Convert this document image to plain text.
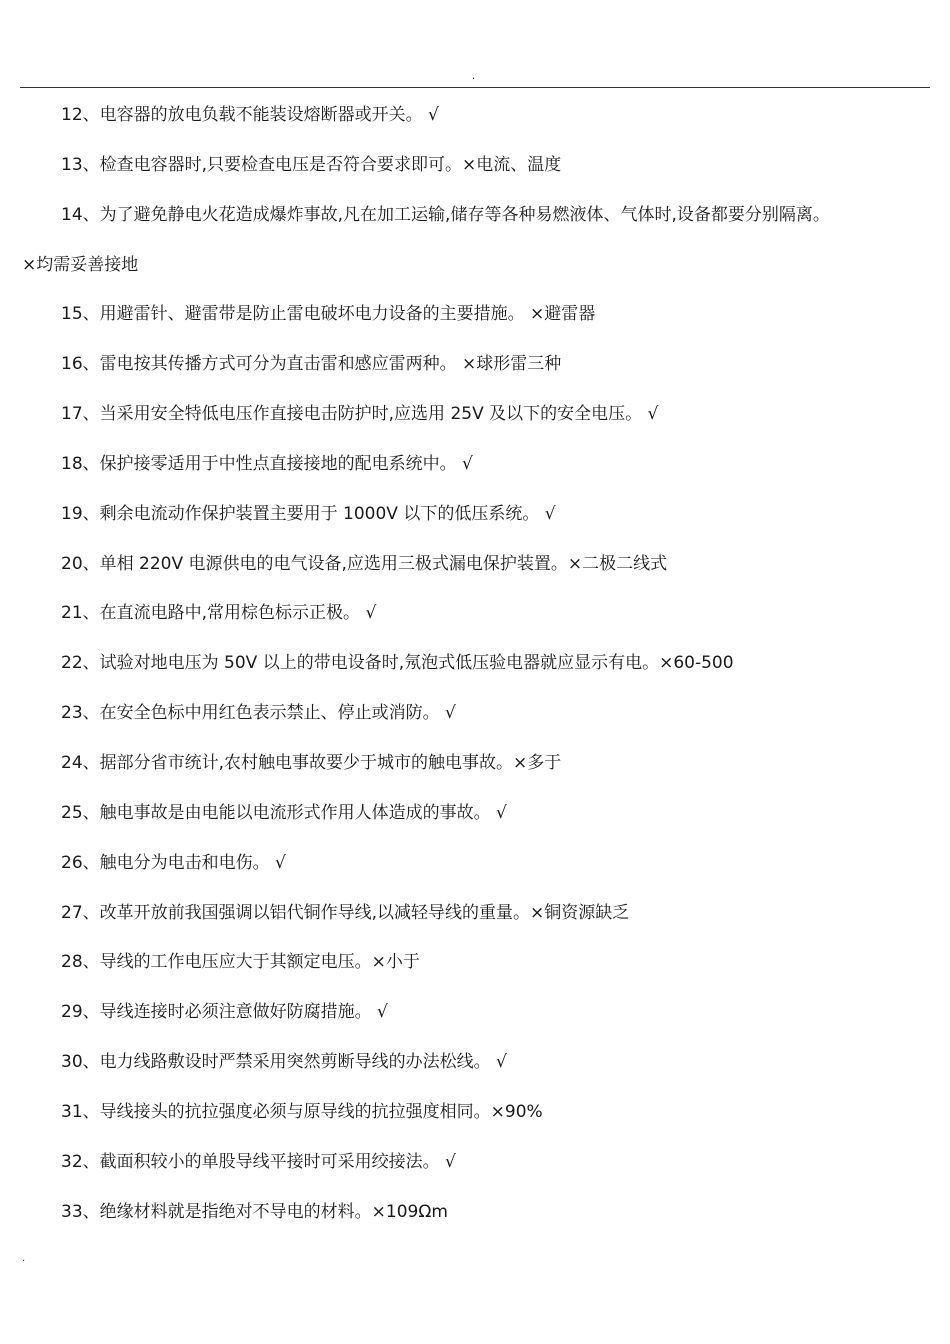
.
12、电容器的放电负载不能装设熔断器或开关。 √
13、检查电容器时,只要检查电压是否符合要求即可。×电流、温度
14、为了避免静电火花造成爆炸事故,凡在加工运输,储存等各种易燃液体、气体时,设备都要分别隔离。
×均需妥善接地
15、用避雷针、避雷带是防止雷电破坏电力设备的主要措施。 ×避雷器
16、雷电按其传播方式可分为直击雷和感应雷两种。 ×球形雷三种
17、当采用安全特低电压作直接电击防护时,应选用 25V 及以下的安全电压。 √
18、保护接零适用于中性点直接接地的配电系统中。 √
19、剩余电流动作保护装置主要用于 1000V 以下的低压系统。 √
20、单相 220V 电源供电的电气设备,应选用三极式漏电保护装置。×二极二线式
21、在直流电路中,常用棕色标示正极。 √
22、试验对地电压为 50V 以上的带电设备时,氖泡式低压验电器就应显示有电。×60-500
23、在安全色标中用红色表示禁止、停止或消防。 √
24、据部分省市统计,农村触电事故要少于城市的触电事故。×多于
25、触电事故是由电能以电流形式作用人体造成的事故。 √
26、触电分为电击和电伤。 √
27、改革开放前我国强调以铝代铜作导线,以减轻导线的重量。×铜资源缺乏
28、导线的工作电压应大于其额定电压。×小于
29、导线连接时必须注意做好防腐措施。 √
30、电力线路敷设时严禁采用突然剪断导线的办法松线。 √
31、导线接头的抗拉强度必须与原导线的抗拉强度相同。×90%
32、截面积较小的单股导线平接时可采用绞接法。 √
33、绝缘材料就是指绝对不导电的材料。×109Ωm
.
